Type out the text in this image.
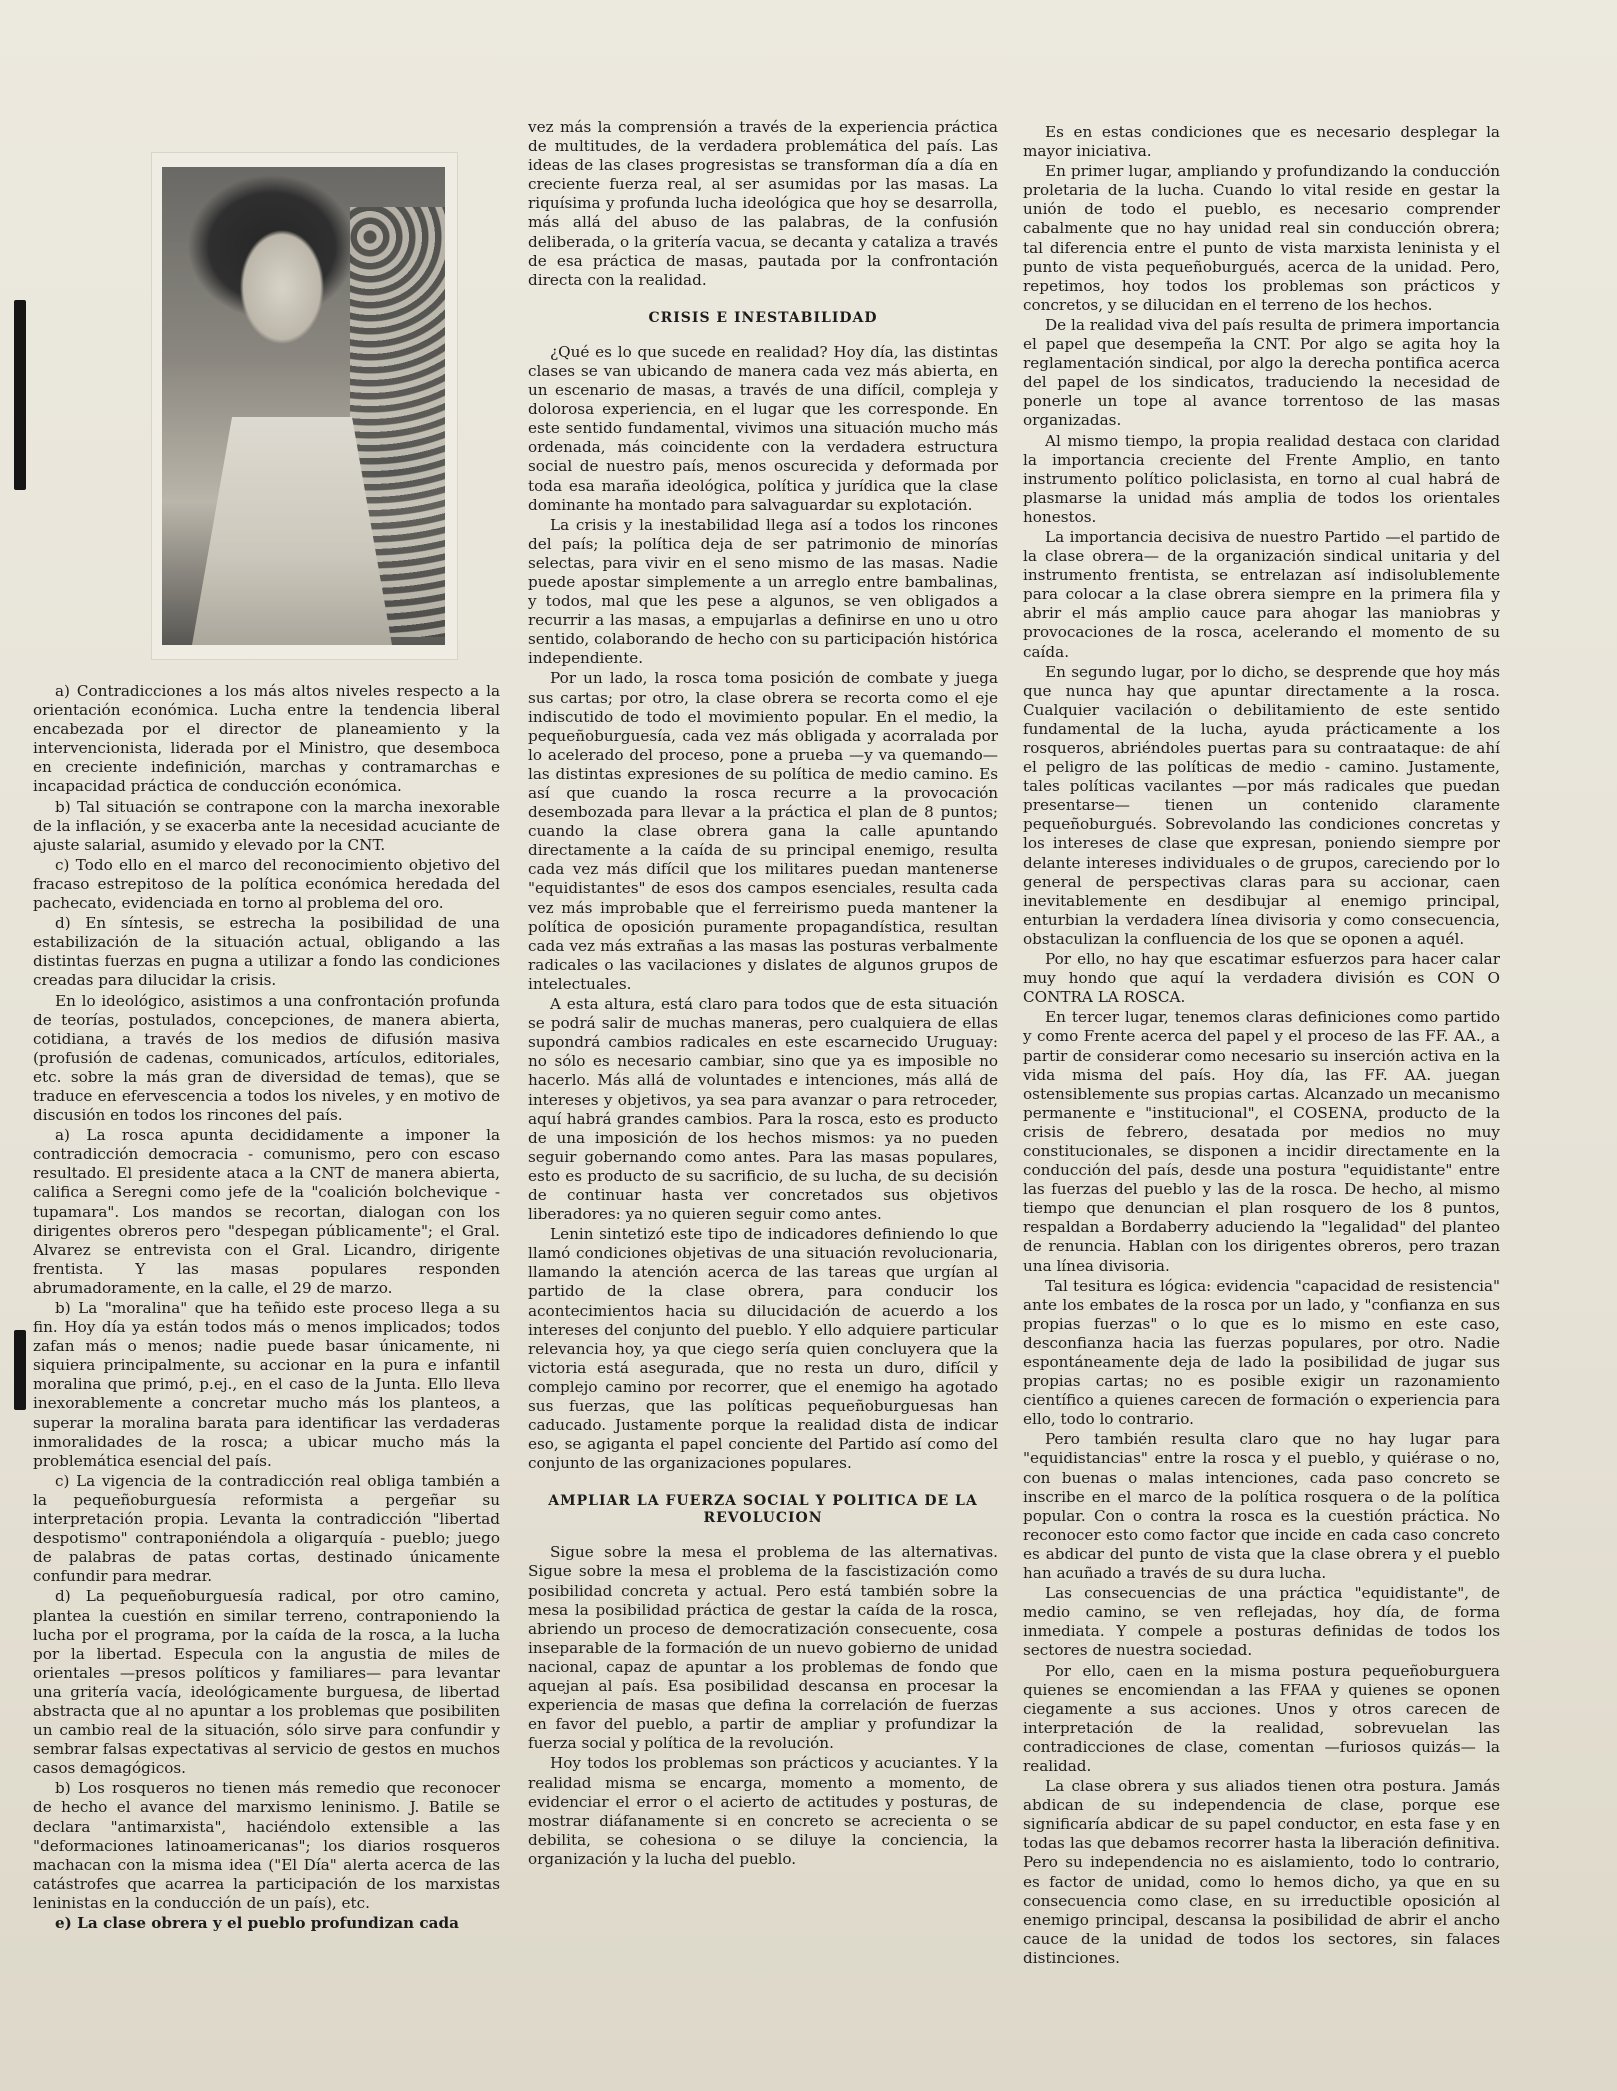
a) Contradicciones a los más altos niveles respecto a la orientación económica. Lucha entre la tendencia liberal encabezada por el director de planeamiento y la intervencionista, liderada por el Ministro, que desemboca en creciente indefinición, marchas y contramarchas e incapacidad práctica de conducción económica.

b) Tal situación se contrapone con la marcha inexorable de la inflación, y se exacerba ante la necesidad acuciante de ajuste salarial, asumido y elevado por la CNT.

c) Todo ello en el marco del reconocimiento objetivo del fracaso estrepitoso de la política económica heredada del pachecato, evidenciada en torno al problema del oro.

d) En síntesis, se estrecha la posibilidad de una estabilización de la situación actual, obligando a las distintas fuerzas en pugna a utilizar a fondo las condiciones creadas para dilucidar la crisis.

En lo ideológico, asistimos a una confrontación profunda de teorías, postulados, concepciones, de manera abierta, cotidiana, a través de los medios de difusión masiva (profusión de cadenas, comunicados, artículos, editoriales, etc. sobre la más gran de diversidad de temas), que se traduce en efervescencia a todos los niveles, y en motivo de discusión en todos los rincones del país.

a) La rosca apunta decididamente a imponer la contradicción democracia - comunismo, pero con escaso resultado. El presidente ataca a la CNT de manera abierta, califica a Seregni como jefe de la "coalición bolchevique - tupamara". Los mandos se recortan, dialogan con los dirigentes obreros pero "despegan públicamente"; el Gral. Alvarez se entrevista con el Gral. Licandro, dirigente frentista. Y las masas populares responden abrumadoramente, en la calle, el 29 de marzo.

b) La "moralina" que ha teñido este proceso llega a su fin. Hoy día ya están todos más o menos implicados; todos zafan más o menos; nadie puede basar únicamente, ni siquiera principalmente, su accionar en la pura e infantil moralina que primó, p.ej., en el caso de la Junta. Ello lleva inexorablemente a concretar mucho más los planteos, a superar la moralina barata para identificar las verdaderas inmoralidades de la rosca; a ubicar mucho más la problemática esencial del país.

c) La vigencia de la contradicción real obliga también a la pequeñoburguesía reformista a pergeñar su interpretación propia. Levanta la contradicción "libertad despotismo" contraponiéndola a oligarquía - pueblo; juego de palabras de patas cortas, destinado únicamente confundir para medrar.

d) La pequeñoburguesía radical, por otro camino, plantea la cuestión en similar terreno, contraponiendo la lucha por el programa, por la caída de la rosca, a la lucha por la libertad. Especula con la angustia de miles de orientales —presos políticos y familiares— para levantar una gritería vacía, ideológicamente burguesa, de libertad abstracta que al no apuntar a los problemas que posibiliten un cambio real de la situación, sólo sirve para confundir y sembrar falsas expectativas al servicio de gestos en muchos casos demagógicos.

b) Los rosqueros no tienen más remedio que reconocer de hecho el avance del marxismo leninismo. J. Batile se declara "antimarxista", haciéndolo extensible a las "deformaciones latinoamericanas"; los diarios rosqueros machacan con la misma idea ("El Día" alerta acerca de las catástrofes que acarrea la participación de los marxistas leninistas en la conducción de un país), etc.

e) La clase obrera y el pueblo profundizan cada

vez más la comprensión a través de la experiencia práctica de multitudes, de la verdadera problemática del país. Las ideas de las clases progresistas se transforman día a día en creciente fuerza real, al ser asumidas por las masas. La riquísima y profunda lucha ideológica que hoy se desarrolla, más allá del abuso de las palabras, de la confusión deliberada, o la gritería vacua, se decanta y cataliza a través de esa práctica de masas, pautada por la confrontación directa con la realidad.

CRISIS E INESTABILIDAD

¿Qué es lo que sucede en realidad? Hoy día, las distintas clases se van ubicando de manera cada vez más abierta, en un escenario de masas, a través de una difícil, compleja y dolorosa experiencia, en el lugar que les corresponde. En este sentido fundamental, vivimos una situación mucho más ordenada, más coincidente con la verdadera estructura social de nuestro país, menos oscurecida y deformada por toda esa maraña ideológica, política y jurídica que la clase dominante ha montado para salvaguardar su explotación.

La crisis y la inestabilidad llega así a todos los rincones del país; la política deja de ser patrimonio de minorías selectas, para vivir en el seno mismo de las masas. Nadie puede apostar simplemente a un arreglo entre bambalinas, y todos, mal que les pese a algunos, se ven obligados a recurrir a las masas, a empujarlas a definirse en uno u otro sentido, colaborando de hecho con su participación histórica independiente.

Por un lado, la rosca toma posición de combate y juega sus cartas; por otro, la clase obrera se recorta como el eje indiscutido de todo el movimiento popular. En el medio, la pequeñoburguesía, cada vez más obligada y acorralada por lo acelerado del proceso, pone a prueba —y va quemando— las distintas expresiones de su política de medio camino. Es así que cuando la rosca recurre a la provocación desembozada para llevar a la práctica el plan de 8 puntos; cuando la clase obrera gana la calle apuntando directamente a la caída de su principal enemigo, resulta cada vez más difícil que los militares puedan mantenerse "equidistantes" de esos dos campos esenciales, resulta cada vez más improbable que el ferreirismo pueda mantener la política de oposición puramente propagandística, resultan cada vez más extrañas a las masas las posturas verbalmente radicales o las vacilaciones y dislates de algunos grupos de intelectuales.

A esta altura, está claro para todos que de esta situación se podrá salir de muchas maneras, pero cualquiera de ellas supondrá cambios radicales en este escarnecido Uruguay: no sólo es necesario cambiar, sino que ya es imposible no hacerlo. Más allá de voluntades e intenciones, más allá de intereses y objetivos, ya sea para avanzar o para retroceder, aquí habrá grandes cambios. Para la rosca, esto es producto de una imposición de los hechos mismos: ya no pueden seguir gobernando como antes. Para las masas populares, esto es producto de su sacrificio, de su lucha, de su decisión de continuar hasta ver concretados sus objetivos liberadores: ya no quieren seguir como antes.

Lenin sintetizó este tipo de indicadores definiendo lo que llamó condiciones objetivas de una situación revolucionaria, llamando la atención acerca de las tareas que urgían al partido de la clase obrera, para conducir los acontecimientos hacia su dilucidación de acuerdo a los intereses del conjunto del pueblo. Y ello adquiere particular relevancia hoy, ya que ciego sería quien concluyera que la victoria está asegurada, que no resta un duro, difícil y complejo camino por recorrer, que el enemigo ha agotado sus fuerzas, que las políticas pequeñoburguesas han caducado. Justamente porque la realidad dista de indicar eso, se agiganta el papel conciente del Partido así como del conjunto de las organizaciones populares.

AMPLIAR LA FUERZA SOCIAL Y POLITICA DE LA REVOLUCION

Sigue sobre la mesa el problema de las alternativas. Sigue sobre la mesa el problema de la fascistización como posibilidad concreta y actual. Pero está también sobre la mesa la posibilidad práctica de gestar la caída de la rosca, abriendo un proceso de democratización consecuente, cosa inseparable de la formación de un nuevo gobierno de unidad nacional, capaz de apuntar a los problemas de fondo que aquejan al país. Esa posibilidad descansa en procesar la experiencia de masas que defina la correlación de fuerzas en favor del pueblo, a partir de ampliar y profundizar la fuerza social y política de la revolución.

Hoy todos los problemas son prácticos y acuciantes. Y la realidad misma se encarga, momento a momento, de evidenciar el error o el acierto de actitudes y posturas, de mostrar diáfanamente si en concreto se acrecienta o se debilita, se cohesiona o se diluye la conciencia, la organización y la lucha del pueblo.

Es en estas condiciones que es necesario desplegar la mayor iniciativa.

En primer lugar, ampliando y profundizando la conducción proletaria de la lucha. Cuando lo vital reside en gestar la unión de todo el pueblo, es necesario comprender cabalmente que no hay unidad real sin conducción obrera; tal diferencia entre el punto de vista marxista leninista y el punto de vista pequeñoburgués, acerca de la unidad. Pero, repetimos, hoy todos los problemas son prácticos y concretos, y se dilucidan en el terreno de los hechos.

De la realidad viva del país resulta de primera importancia el papel que desempeña la CNT. Por algo se agita hoy la reglamentación sindical, por algo la derecha pontifica acerca del papel de los sindicatos, traduciendo la necesidad de ponerle un tope al avance torrentoso de las masas organizadas.

Al mismo tiempo, la propia realidad destaca con claridad la importancia creciente del Frente Amplio, en tanto instrumento político policlasista, en torno al cual habrá de plasmarse la unidad más amplia de todos los orientales honestos.

La importancia decisiva de nuestro Partido —el partido de la clase obrera— de la organización sindical unitaria y del instrumento frentista, se entrelazan así indisolublemente para colocar a la clase obrera siempre en la primera fila y abrir el más amplio cauce para ahogar las maniobras y provocaciones de la rosca, acelerando el momento de su caída.

En segundo lugar, por lo dicho, se desprende que hoy más que nunca hay que apuntar directamente a la rosca. Cualquier vacilación o debilitamiento de este sentido fundamental de la lucha, ayuda prácticamente a los rosqueros, abriéndoles puertas para su contraataque: de ahí el peligro de las políticas de medio - camino. Justamente, tales políticas vacilantes —por más radicales que puedan presentarse— tienen un contenido claramente pequeñoburgués. Sobrevolando las condiciones concretas y los intereses de clase que expresan, poniendo siempre por delante intereses individuales o de grupos, careciendo por lo general de perspectivas claras para su accionar, caen inevitablemente en desdibujar al enemigo principal, enturbian la verdadera línea divisoria y como consecuencia, obstaculizan la confluencia de los que se oponen a aquél.

Por ello, no hay que escatimar esfuerzos para hacer calar muy hondo que aquí la verdadera división es CON O CONTRA LA ROSCA.

En tercer lugar, tenemos claras definiciones como partido y como Frente acerca del papel y el proceso de las FF. AA., a partir de considerar como necesario su inserción activa en la vida misma del país. Hoy día, las FF. AA. juegan ostensiblemente sus propias cartas. Alcanzado un mecanismo permanente e "institucional", el COSENA, producto de la crisis de febrero, desatada por medios no muy constitucionales, se disponen a incidir directamente en la conducción del país, desde una postura "equidistante" entre las fuerzas del pueblo y las de la rosca. De hecho, al mismo tiempo que denuncian el plan rosquero de los 8 puntos, respaldan a Bordaberry aduciendo la "legalidad" del planteo de renuncia. Hablan con los dirigentes obreros, pero trazan una línea divisoria.

Tal tesitura es lógica: evidencia "capacidad de resistencia" ante los embates de la rosca por un lado, y "confianza en sus propias fuerzas" o lo que es lo mismo en este caso, desconfianza hacia las fuerzas populares, por otro. Nadie espontáneamente deja de lado la posibilidad de jugar sus propias cartas; no es posible exigir un razonamiento científico a quienes carecen de formación o experiencia para ello, todo lo contrario.

Pero también resulta claro que no hay lugar para "equidistancias" entre la rosca y el pueblo, y quiérase o no, con buenas o malas intenciones, cada paso concreto se inscribe en el marco de la política rosquera o de la política popular. Con o contra la rosca es la cuestión práctica. No reconocer esto como factor que incide en cada caso concreto es abdicar del punto de vista que la clase obrera y el pueblo han acuñado a través de su dura lucha.

Las consecuencias de una práctica "equidistante", de medio camino, se ven reflejadas, hoy día, de forma inmediata. Y compele a posturas definidas de todos los sectores de nuestra sociedad.

Por ello, caen en la misma postura pequeñoburguera quienes se encomiendan a las FFAA y quienes se oponen ciegamente a sus acciones. Unos y otros carecen de interpretación de la realidad, sobrevuelan las contradicciones de clase, comentan —furiosos quizás— la realidad.

La clase obrera y sus aliados tienen otra postura. Jamás abdican de su independencia de clase, porque ese significaría abdicar de su papel conductor, en esta fase y en todas las que debamos recorrer hasta la liberación definitiva. Pero su independencia no es aislamiento, todo lo contrario, es factor de unidad, como lo hemos dicho, ya que en su consecuencia como clase, en su irreductible oposición al enemigo principal, descansa la posibilidad de abrir el ancho cauce de la unidad de todos los sectores, sin falaces distinciones.
